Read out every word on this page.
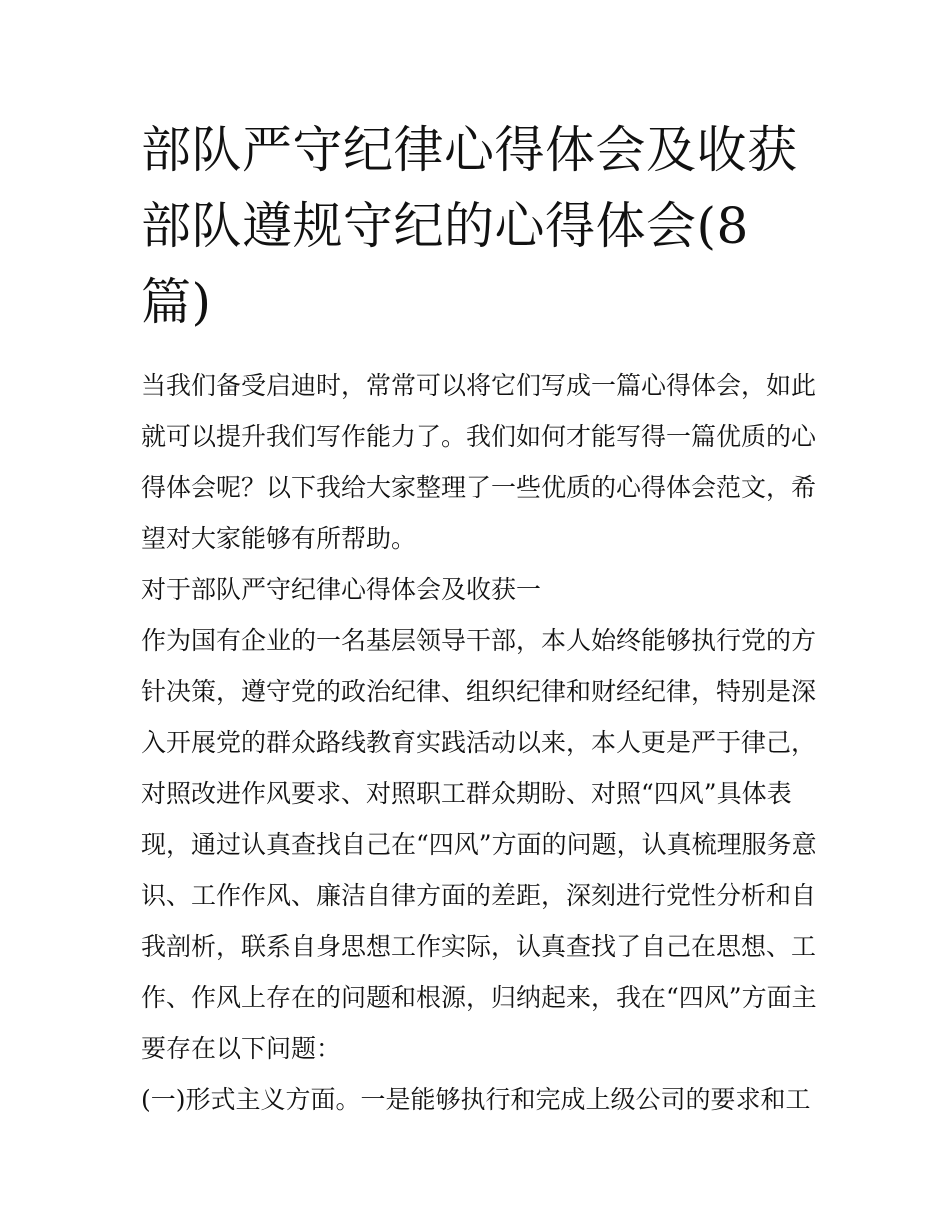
部队严守纪律心得体会及收获
部队遵规守纪的心得体会(8
篇)

当我们备受启迪时，常常可以将它们写成一篇心得体会，如此
就可以提升我们写作能力了。我们如何才能写得一篇优质的心
得体会呢？以下我给大家整理了一些优质的心得体会范文，希
望对大家能够有所帮助。

对于部队严守纪律心得体会及收获一

作为国有企业的一名基层领导干部，本人始终能够执行党的方
针决策，遵守党的政治纪律、组织纪律和财经纪律，特别是深
入开展党的群众路线教育实践活动以来，本人更是严于律己，
对照改进作风要求、对照职工群众期盼、对照“四风”具体表
现，通过认真查找自己在“四风”方面的问题，认真梳理服务意
识、工作作风、廉洁自律方面的差距，深刻进行党性分析和自
我剖析，联系自身思想工作实际，认真查找了自己在思想、工
作、作风上存在的问题和根源，归纳起来，我在“四风”方面主
要存在以下问题：

(一)形式主义方面。一是能够执行和完成上级公司的要求和工
